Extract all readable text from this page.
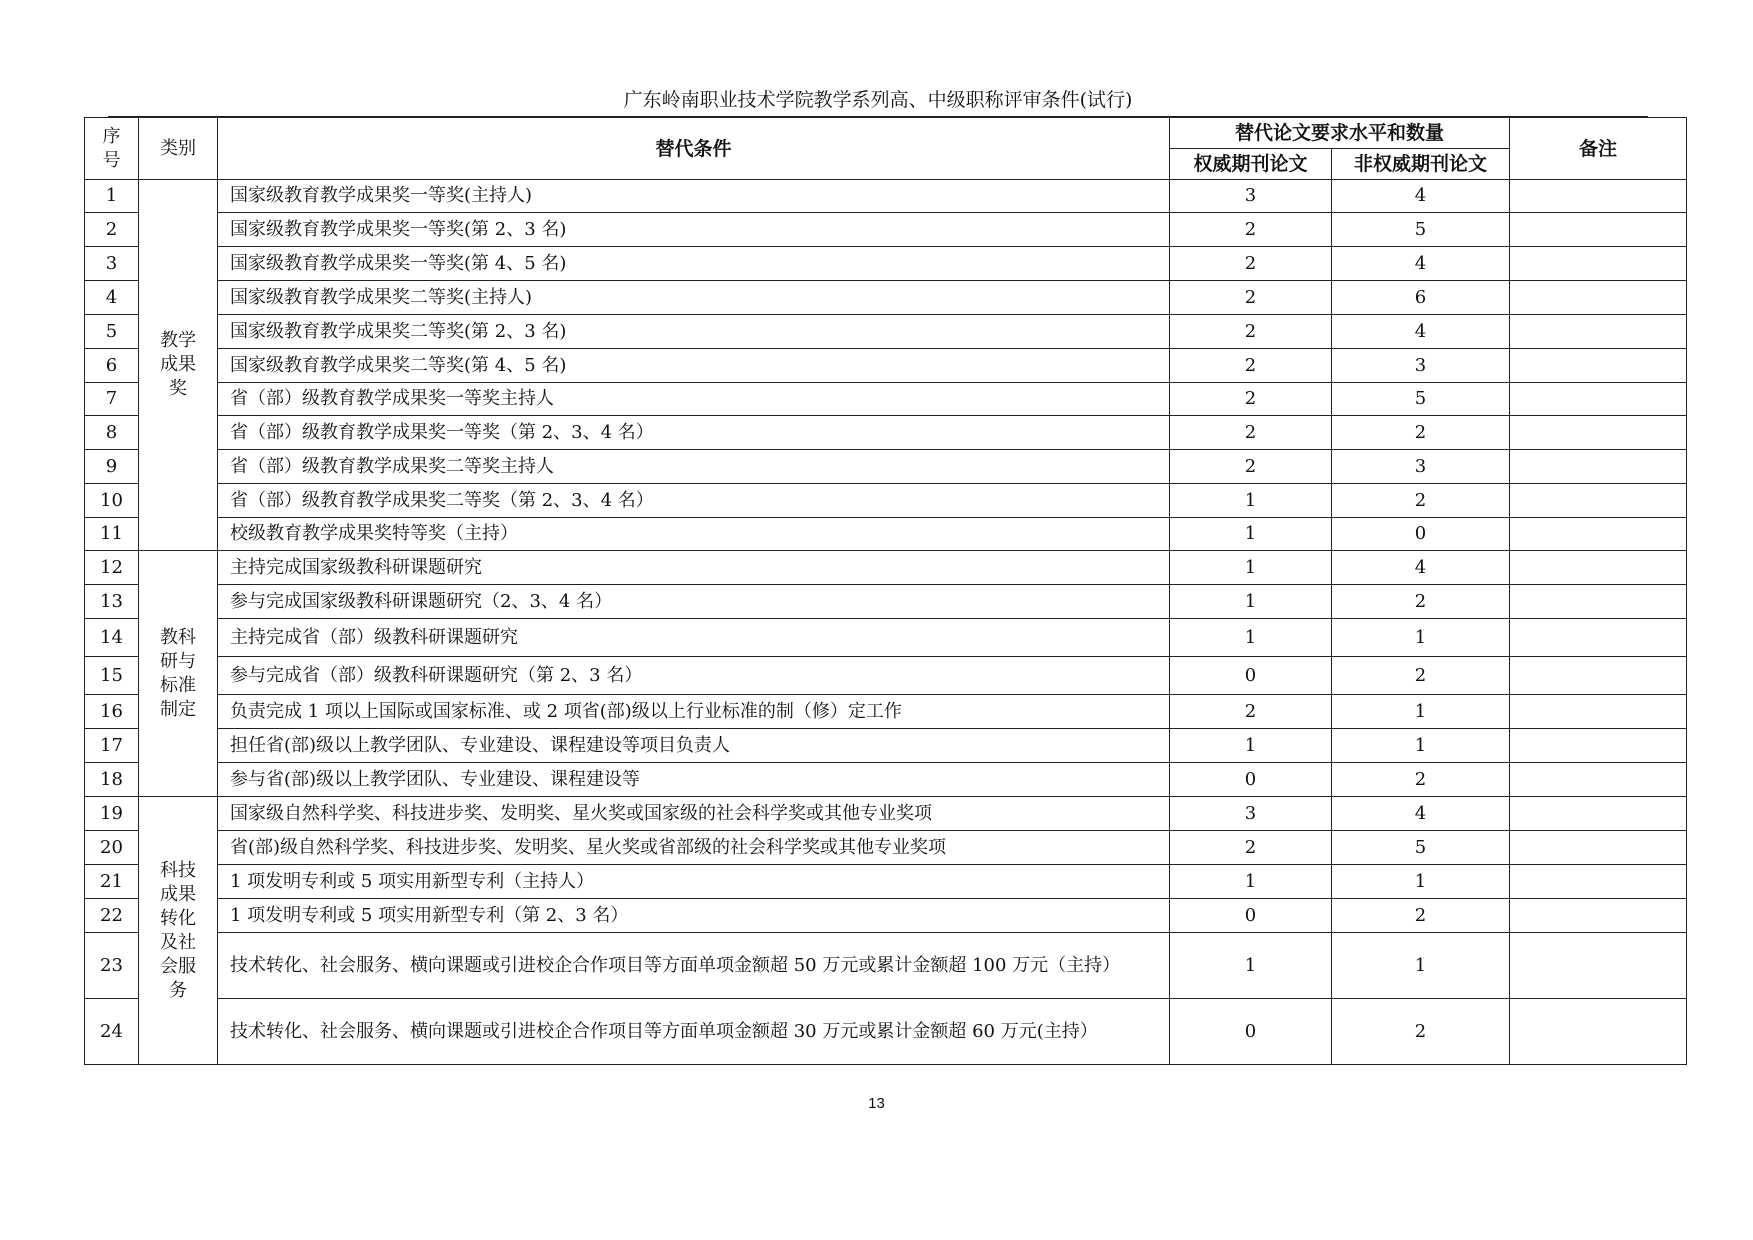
广东岭南职业技术学院教学系列高、中级职称评审条件(试行)
序号	类别	替代条件	替代论文要求水平和数量		备注
			权威期刊论文	非权威期刊论文	
1	教学成果奖	国家级教育教学成果奖一等奖(主持人)	3	4	
2		国家级教育教学成果奖一等奖(第 2、3 名)	2	5	
3		国家级教育教学成果奖一等奖(第 4、5 名)	2	4	
4		国家级教育教学成果奖二等奖(主持人)	2	6	
5		国家级教育教学成果奖二等奖(第 2、3 名)	2	4	
6		国家级教育教学成果奖二等奖(第 4、5 名)	2	3	
7		省（部）级教育教学成果奖一等奖主持人	2	5	
8		省（部）级教育教学成果奖一等奖（第 2、3、4 名）	2	2	
9		省（部）级教育教学成果奖二等奖主持人	2	3	
10		省（部）级教育教学成果奖二等奖（第 2、3、4 名）	1	2	
11		校级教育教学成果奖特等奖（主持）	1	0	
12	教科研与标准制定	主持完成国家级教科研课题研究	1	4	
13		参与完成国家级教科研课题研究（2、3、4 名）	1	2	
14		主持完成省（部）级教科研课题研究	1	1	
15		参与完成省（部）级教科研课题研究（第 2、3 名）	0	2	
16		负责完成 1 项以上国际或国家标准、或 2 项省(部)级以上行业标准的制（修）定工作	2	1	
17		担任省(部)级以上教学团队、专业建设、课程建设等项目负责人	1	1	
18		参与省(部)级以上教学团队、专业建设、课程建设等	0	2	
19	科技成果转化及社会服务	国家级自然科学奖、科技进步奖、发明奖、星火奖或国家级的社会科学奖或其他专业奖项	3	4	
20		省(部)级自然科学奖、科技进步奖、发明奖、星火奖或省部级的社会科学奖或其他专业奖项	2	5	
21		1 项发明专利或 5 项实用新型专利（主持人）	1	1	
22		1 项发明专利或 5 项实用新型专利（第 2、3 名）	0	2	
23		技术转化、社会服务、横向课题或引进校企合作项目等方面单项金额超 50 万元或累计金额超 100 万元（主持）	1	1	
24		技术转化、社会服务、横向课题或引进校企合作项目等方面单项金额超 30 万元或累计金额超 60 万元(主持）	0	2	
13
